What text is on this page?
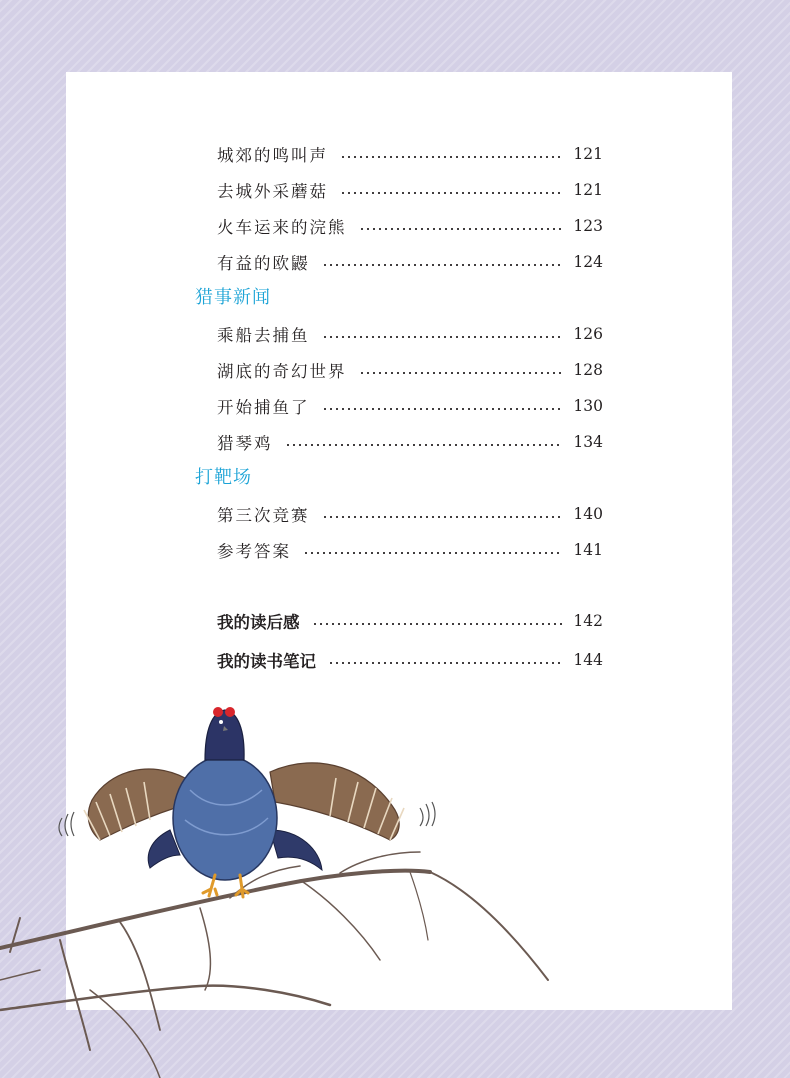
城郊的鸣叫声	121
去城外采蘑菇	121
火车运来的浣熊	123
有益的欧鼹	124
猎事新闻
乘船去捕鱼	126
湖底的奇幻世界	128
开始捕鱼了	130
猎琴鸡	134
打靶场
第三次竞赛	140
参考答案	141
我的读后感	142
我的读书笔记	144
